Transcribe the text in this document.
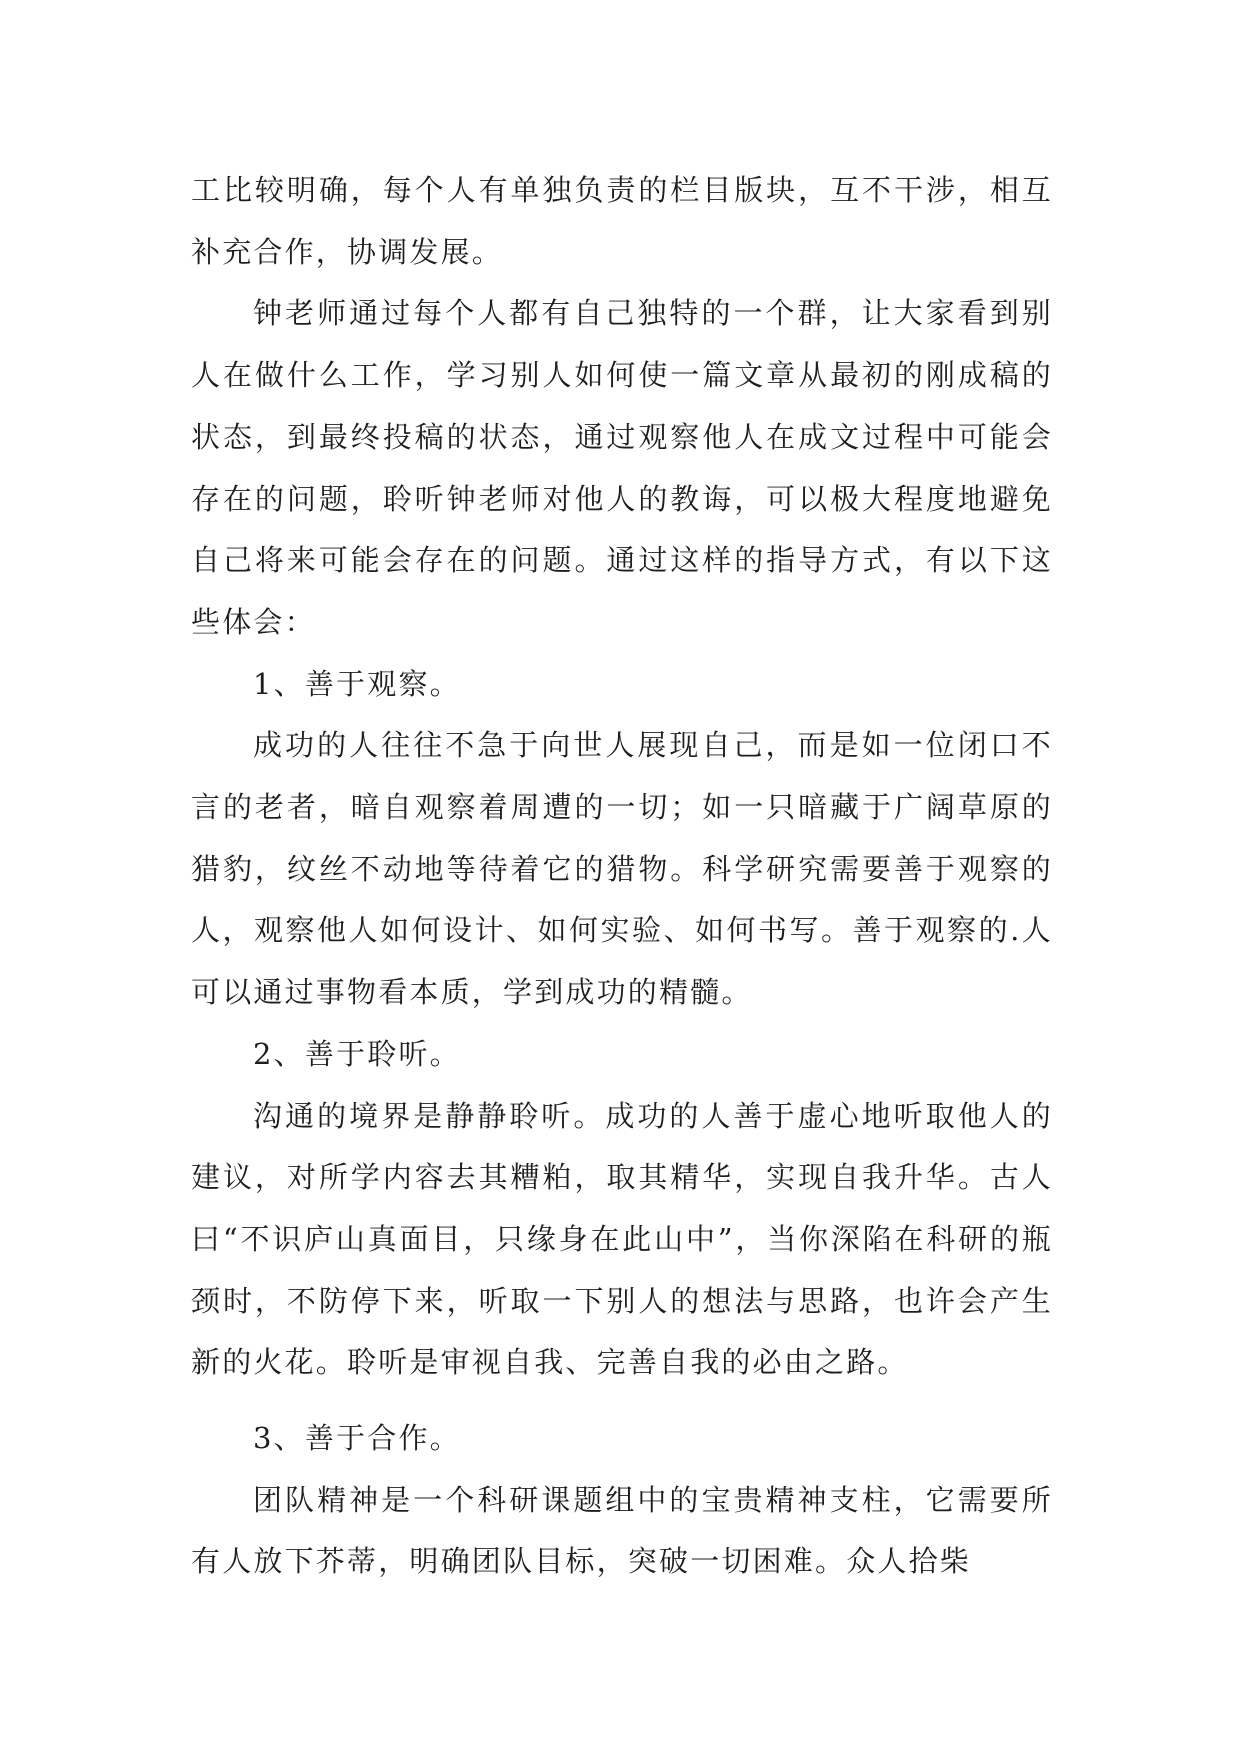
工比较明确，每个人有单独负责的栏目版块，互不干涉，相互补充合作，协调发展。

钟老师通过每个人都有自己独特的一个群，让大家看到别人在做什么工作，学习别人如何使一篇文章从最初的刚成稿的状态，到最终投稿的状态，通过观察他人在成文过程中可能会存在的问题，聆听钟老师对他人的教诲，可以极大程度地避免自己将来可能会存在的问题。通过这样的指导方式，有以下这些体会：

1、善于观察。

成功的人往往不急于向世人展现自己，而是如一位闭口不言的老者，暗自观察着周遭的一切；如一只暗藏于广阔草原的猎豹，纹丝不动地等待着它的猎物。科学研究需要善于观察的人，观察他人如何设计、如何实验、如何书写。善于观察的.人可以通过事物看本质，学到成功的精髓。

2、善于聆听。

沟通的境界是静静聆听。成功的人善于虚心地听取他人的建议，对所学内容去其糟粕，取其精华，实现自我升华。古人曰“不识庐山真面目，只缘身在此山中”，当你深陷在科研的瓶颈时，不防停下来，听取一下别人的想法与思路，也许会产生新的火花。聆听是审视自我、完善自我的必由之路。

3、善于合作。

团队精神是一个科研课题组中的宝贵精神支柱，它需要所有人放下芥蒂，明确团队目标，突破一切困难。众人拾柴
